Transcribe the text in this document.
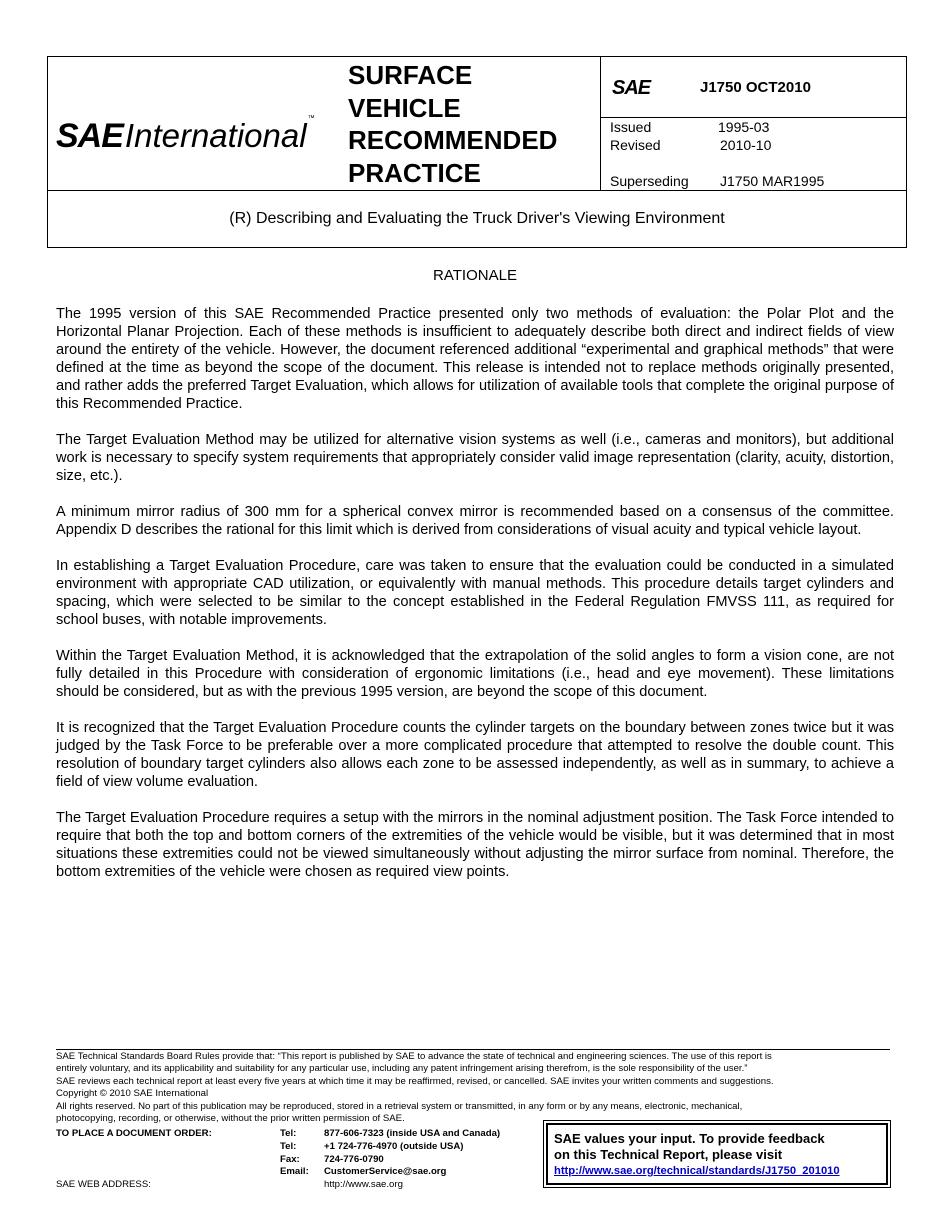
SAE International ™
SURFACE
VEHICLE
RECOMMENDED
PRACTICE
SAE	J1750 OCT2010
Issued	1995-03
Revised	2010-10
Superseding J1750 MAR1995
(R) Describing and Evaluating the Truck Driver's Viewing Environment
RATIONALE

The 1995 version of this SAE Recommended Practice presented only two methods of evaluation: the Polar Plot and the Horizontal Planar Projection. Each of these methods is insufficient to adequately describe both direct and indirect fields of view around the entirety of the vehicle. However, the document referenced additional “experimental and graphical methods” that were defined at the time as beyond the scope of the document. This release is intended not to replace methods originally presented, and rather adds the preferred Target Evaluation, which allows for utilization of available tools that complete the original purpose of this Recommended Practice.

The Target Evaluation Method may be utilized for alternative vision systems as well (i.e., cameras and monitors), but additional work is necessary to specify system requirements that appropriately consider valid image representation (clarity, acuity, distortion, size, etc.).

A minimum mirror radius of 300 mm for a spherical convex mirror is recommended based on a consensus of the committee. Appendix D describes the rational for this limit which is derived from considerations of visual acuity and typical vehicle layout.

In establishing a Target Evaluation Procedure, care was taken to ensure that the evaluation could be conducted in a simulated environment with appropriate CAD utilization, or equivalently with manual methods. This procedure details target cylinders and spacing, which were selected to be similar to the concept established in the Federal Regulation FMVSS 111, as required for school buses, with notable improvements.

Within the Target Evaluation Method, it is acknowledged that the extrapolation of the solid angles to form a vision cone, are not fully detailed in this Procedure with consideration of ergonomic limitations (i.e., head and eye movement). These limitations should be considered, but as with the previous 1995 version, are beyond the scope of this document.

It is recognized that the Target Evaluation Procedure counts the cylinder targets on the boundary between zones twice but it was judged by the Task Force to be preferable over a more complicated procedure that attempted to resolve the double count. This resolution of boundary target cylinders also allows each zone to be assessed independently, as well as in summary, to achieve a field of view volume evaluation.

The Target Evaluation Procedure requires a setup with the mirrors in the nominal adjustment position. The Task Force intended to require that both the top and bottom corners of the extremities of the vehicle would be visible, but it was determined that in most situations these extremities could not be viewed simultaneously without adjusting the mirror surface from nominal. Therefore, the bottom extremities of the vehicle were chosen as required view points.

SAE Technical Standards Board Rules provide that: “This report is published by SAE to advance the state of technical and engineering sciences. The use of this report is
entirely voluntary, and its applicability and suitability for any particular use, including any patent infringement arising therefrom, is the sole responsibility of the user.”
SAE reviews each technical report at least every five years at which time it may be reaffirmed, revised, or cancelled. SAE invites your written comments and suggestions.
Copyright © 2010 SAE International
All rights reserved. No part of this publication may be reproduced, stored in a retrieval system or transmitted, in any form or by any means, electronic, mechanical,
photocopying, recording, or otherwise, without the prior written permission of SAE.
TO PLACE A DOCUMENT ORDER:
SAE WEB ADDRESS:
Tel:	877-606-7323 (inside USA and Canada)
Tel:	+1 724-776-4970 (outside USA)
Fax:	724-776-0790
Email: CustomerService@sae.org
http://www.sae.org
SAE values your input. To provide feedback
on this Technical Report, please visit
http://www.sae.org/technical/standards/J1750_201010
